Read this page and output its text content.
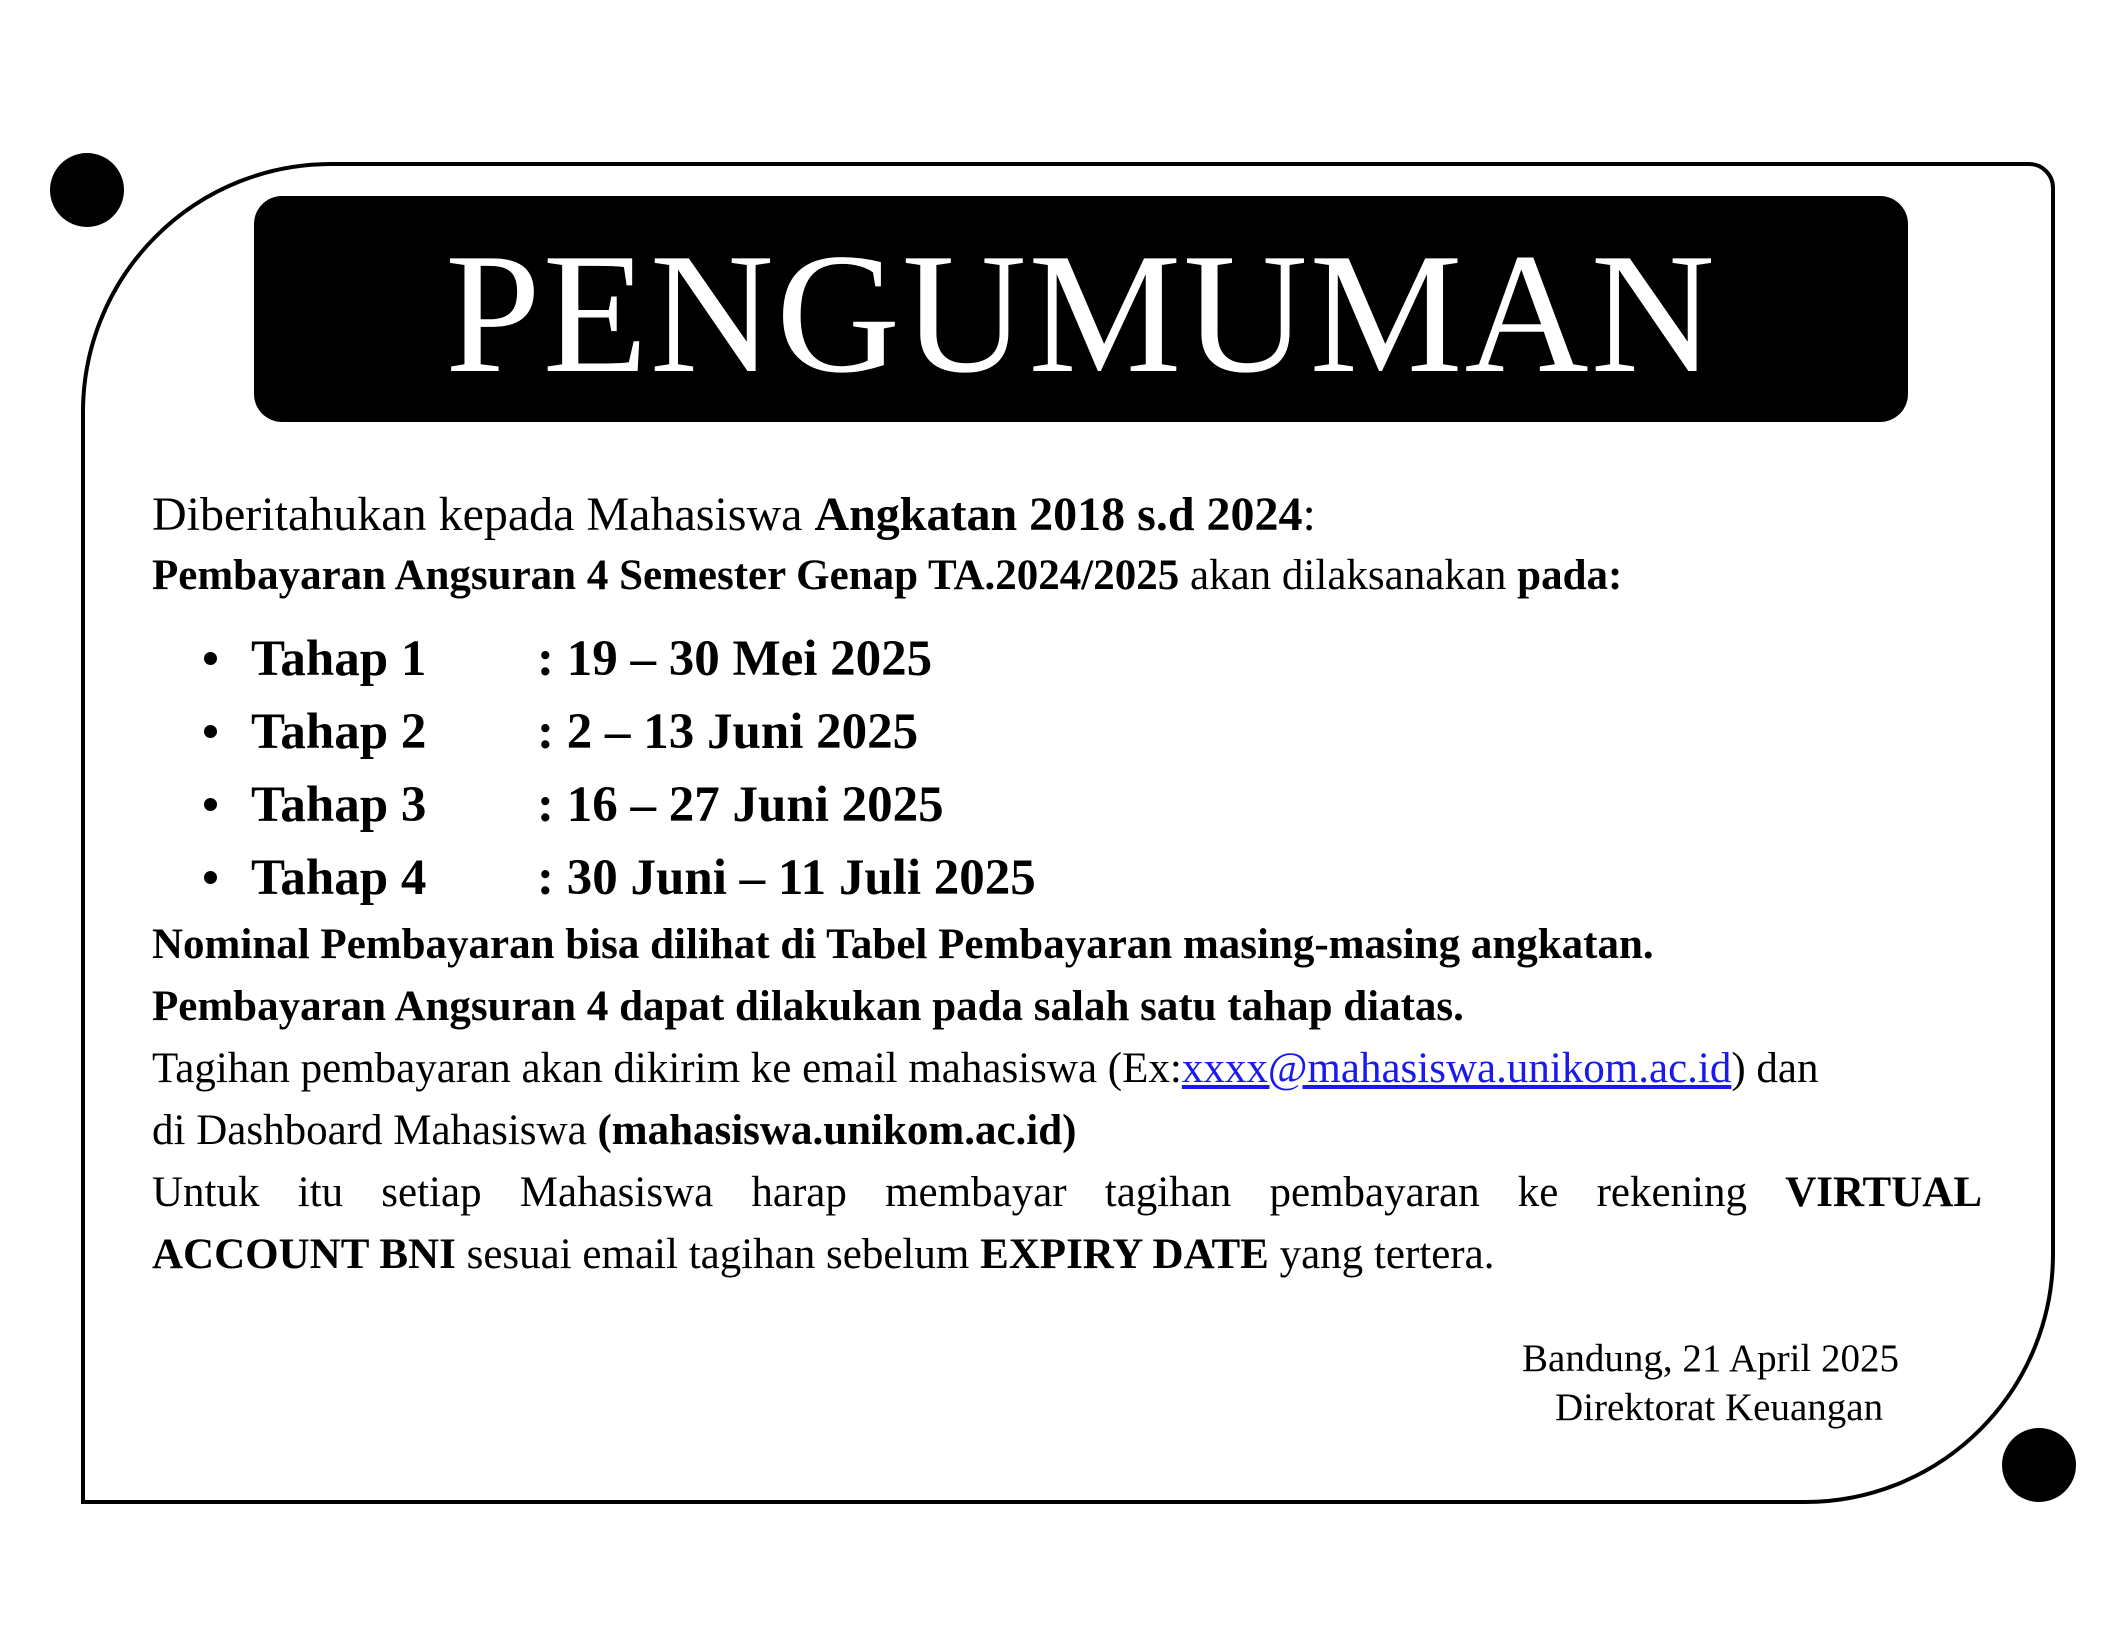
PENGUMUMAN
Diberitahukan kepada Mahasiswa Angkatan 2018 s.d 2024:
Pembayaran Angsuran 4 Semester Genap TA.2024/2025 akan dilaksanakan pada:
Tahap 1	: 19 – 30 Mei 2025
Tahap 2	: 2 – 13 Juni 2025
Tahap 3	: 16 – 27 Juni 2025
Tahap 4	: 30 Juni – 11 Juli 2025
Nominal Pembayaran bisa dilihat di Tabel Pembayaran masing-masing angkatan.
Pembayaran Angsuran 4 dapat dilakukan pada salah satu tahap diatas.
Tagihan pembayaran akan dikirim ke email mahasiswa (Ex:xxxx@mahasiswa.unikom.ac.id) dan
di Dashboard Mahasiswa (mahasiswa.unikom.ac.id)
Untuk itu setiap Mahasiswa harap membayar tagihan pembayaran ke rekening VIRTUAL
ACCOUNT BNI sesuai email tagihan sebelum EXPIRY DATE yang tertera.
Bandung, 21 April 2025
Direktorat Keuangan
